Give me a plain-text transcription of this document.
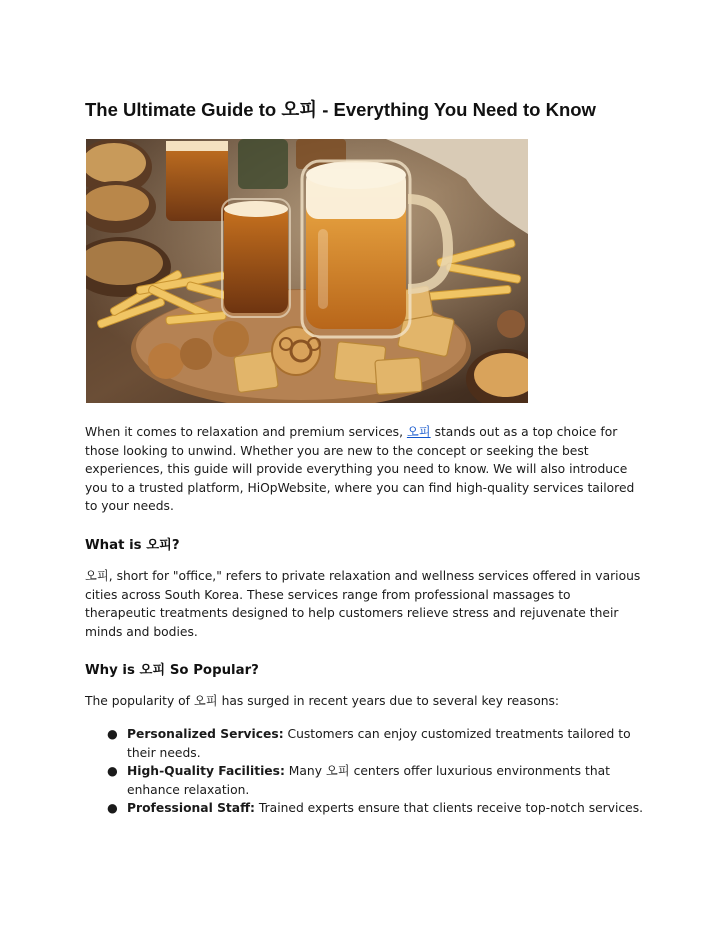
The Ultimate Guide to 오피 - Everything You Need to Know

When it comes to relaxation and premium services, 오피 stands out as a top choice for those looking to unwind. Whether you are new to the concept or seeking the best experiences, this guide will provide everything you need to know. We will also introduce you to a trusted platform, HiOpWebsite, where you can find high-quality services tailored to your needs.

What is 오피?

오피, short for "office," refers to private relaxation and wellness services offered in various cities across South Korea. These services range from professional massages to therapeutic treatments designed to help customers relieve stress and rejuvenate their minds and bodies.

Why is 오피 So Popular?

The popularity of 오피 has surged in recent years due to several key reasons:

● Personalized Services: Customers can enjoy customized treatments tailored to their needs.
● High-Quality Facilities: Many 오피 centers offer luxurious environments that enhance relaxation.
● Professional Staff: Trained experts ensure that clients receive top-notch services.
